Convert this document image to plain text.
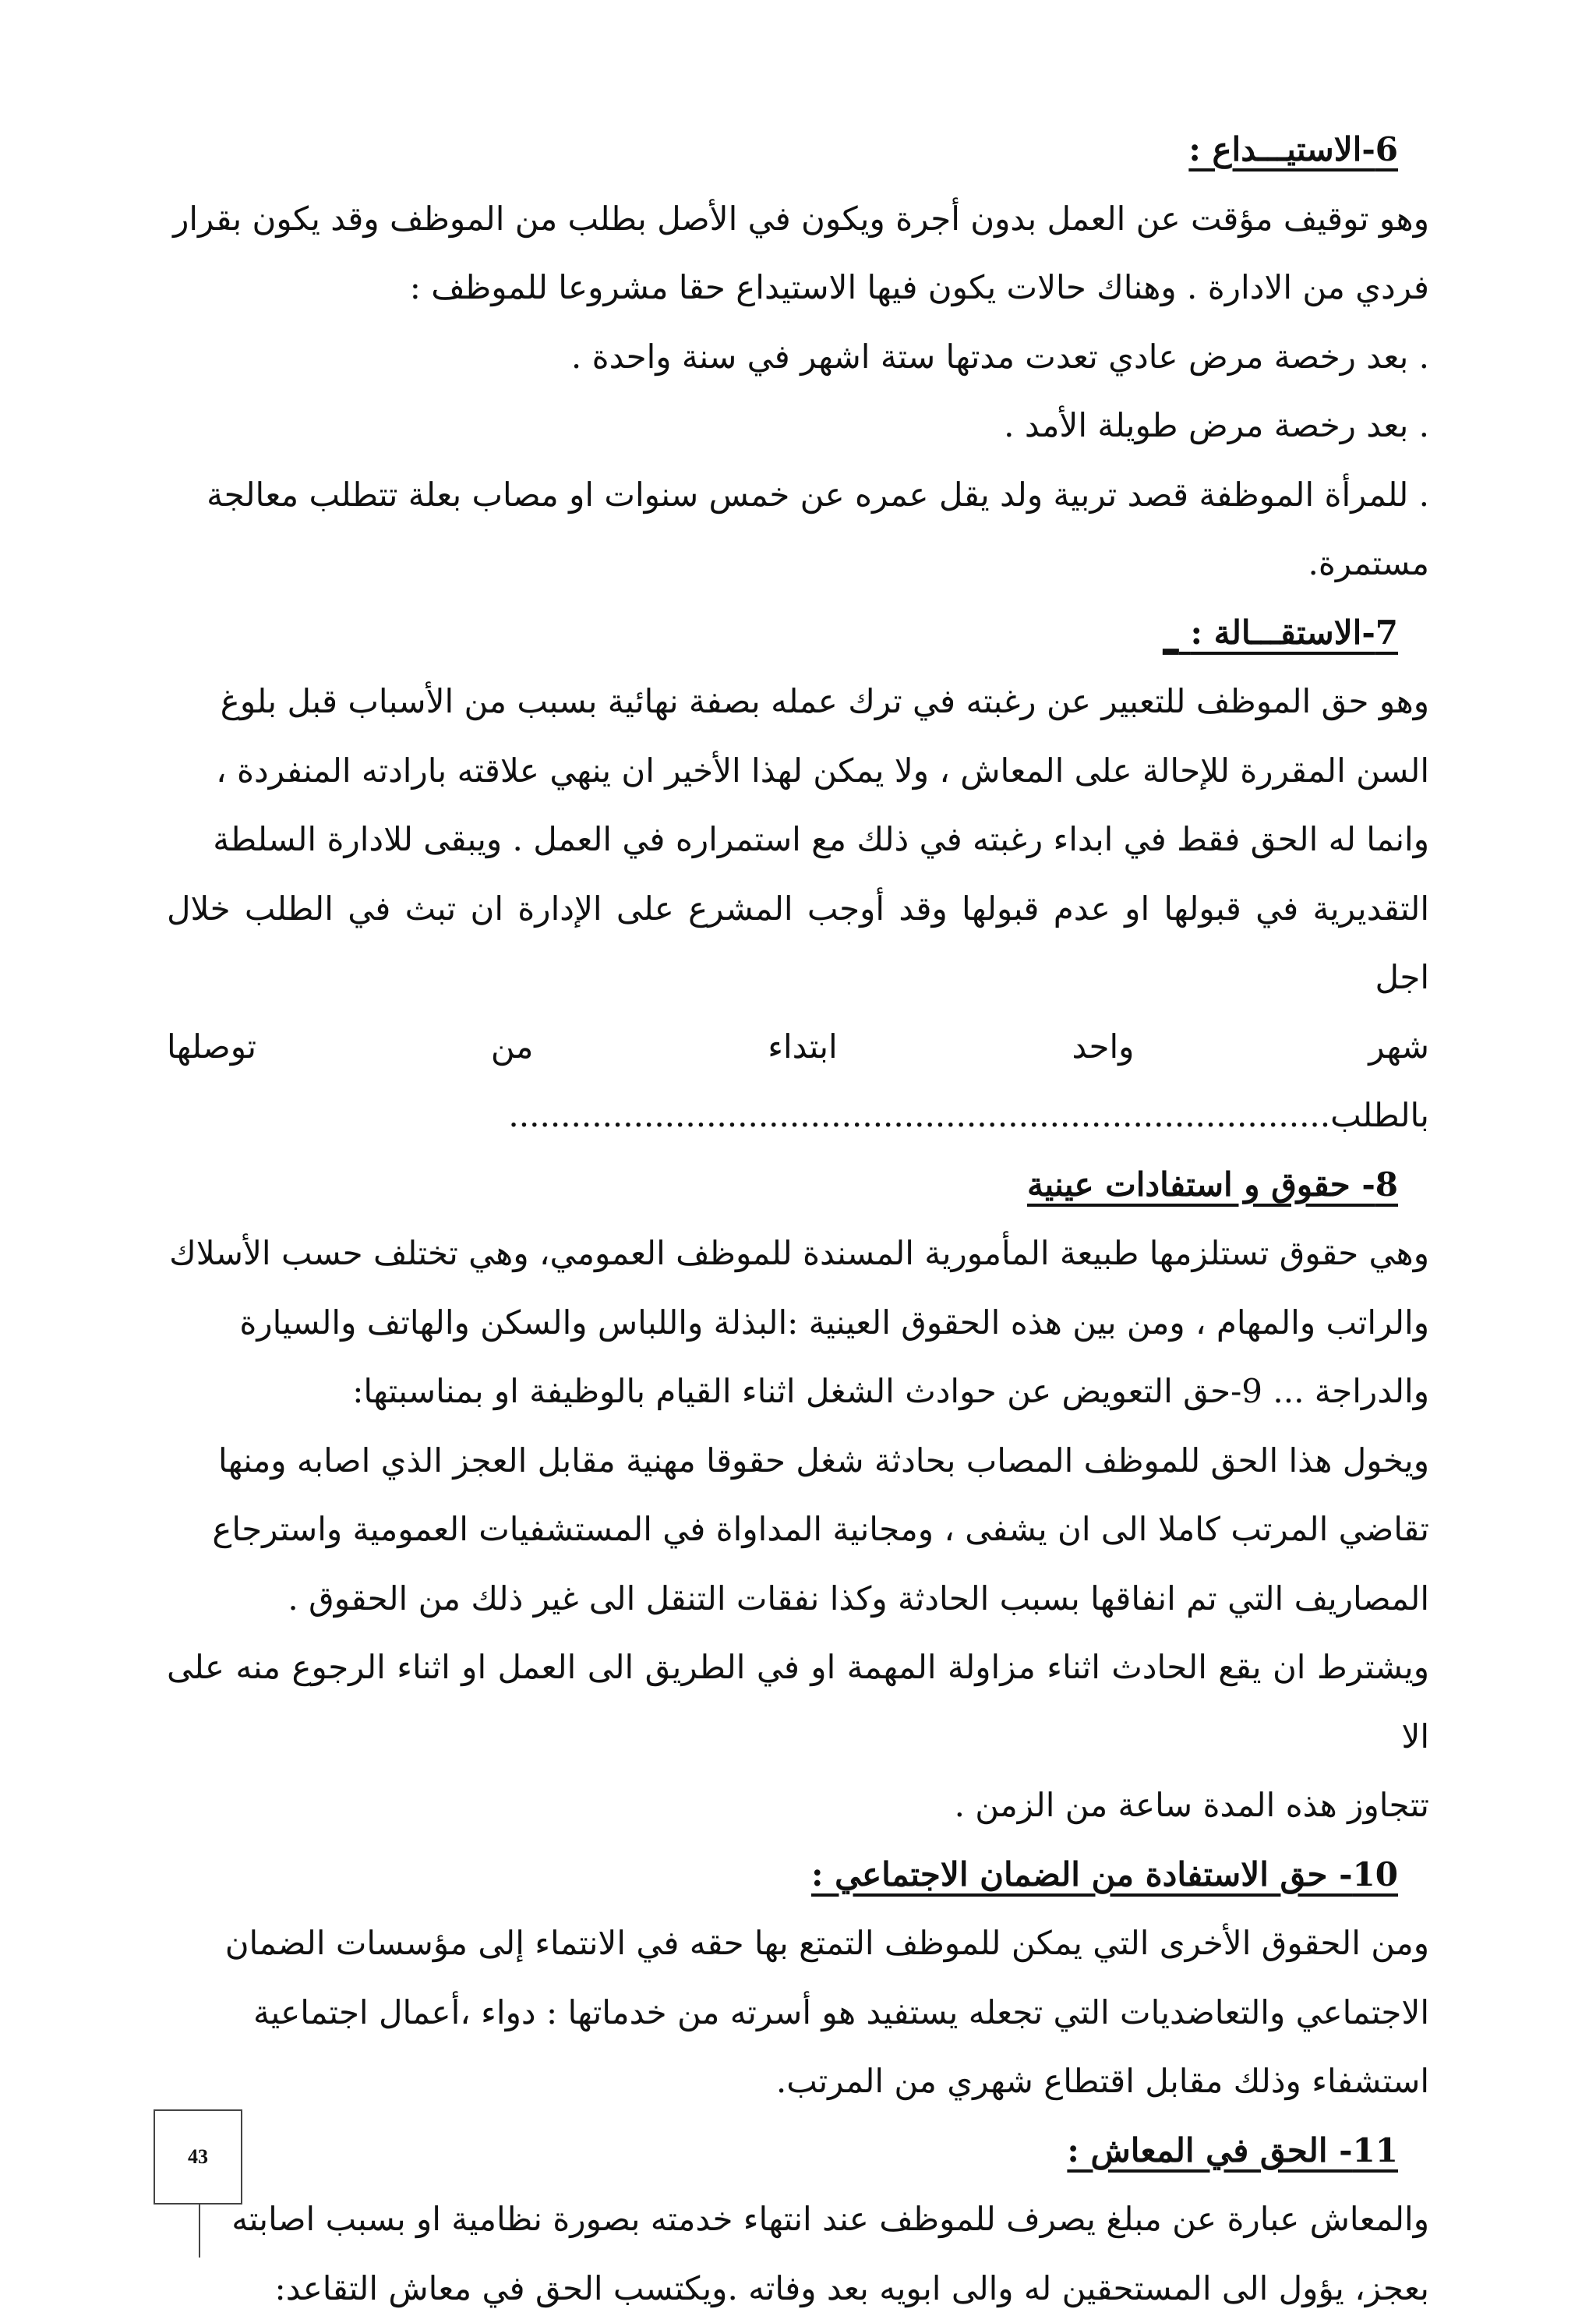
6-الاستيـــداع :

وهو توقيف مؤقت عن العمل بدون أجرة ويكون في الأصل بطلب من الموظف وقد يكون بقرار

فردي من الادارة . وهناك حالات يكون فيها الاستيداع حقا مشروعا للموظف :

. بعد رخصة مرض عادي تعدت مدتها ستة اشهر في سنة واحدة .

. بعد رخصة مرض طويلة الأمد .

. للمرأة الموظفة قصد تربية ولد يقل عمره عن خمس سنوات او مصاب بعلة تتطلب معالجة

مستمرة.

7-الاستقـــالة : _

وهو حق الموظف للتعبير عن رغبته في ترك عمله بصفة نهائية بسبب من الأسباب قبل بلوغ

السن المقررة للإحالة على المعاش ، ولا يمكن لهذا الأخير ان ينهي علاقته بارادته المنفردة ،

وانما له الحق فقط في ابداء رغبته في ذلك مع استمراره في العمل . ويبقى للادارة السلطة

التقديرية في قبولها او عدم قبولها وقد أوجب المشرع على الإدارة ان تبث في الطلب خلال اجل

شهر واحد ابتداء من توصلها بالطلب...............................................................................

8- حقوق و استفادات عينية

وهي حقوق تستلزمها طبيعة المأمورية المسندة للموظف العمومي، وهي تختلف حسب الأسلاك

والراتب والمهام ، ومن بين هذه الحقوق العينية :البذلة واللباس والسكن والهاتف والسيارة

والدراجة ... 9-حق التعويض عن حوادث الشغل اثناء القيام بالوظيفة او بمناسبتها:

ويخول هذا الحق للموظف المصاب بحادثة شغل حقوقا مهنية مقابل العجز الذي اصابه ومنها

تقاضي المرتب كاملا الى ان يشفى ، ومجانية المداواة في المستشفيات العمومية واسترجاع

المصاريف التي تم انفاقها بسبب الحادثة وكذا نفقات التنقل الى غير ذلك من الحقوق .

ويشترط ان يقع الحادث اثناء مزاولة المهمة او في الطريق الى العمل او اثناء الرجوع منه على الا

تتجاوز هذه المدة ساعة من الزمن .

10- حق الاستفادة من الضمان الاجتماعي :

ومن الحقوق الأخرى التي يمكن للموظف التمتع بها حقه في الانتماء إلى مؤسسات الضمان

الاجتماعي والتعاضديات التي تجعله يستفيد هو أسرته من خدماتها : دواء ،أعمال اجتماعية

استشفاء وذلك مقابل اقتطاع شهري من المرتب.

11- الحق في المعاش :

والمعاش عبارة عن مبلغ يصرف للموظف عند انتهاء خدمته بصورة نظامية او بسبب اصابته

بعجز، يؤول الى المستحقين له والى ابويه بعد وفاته .ويكتسب الحق في معاش التقاعد:

43
